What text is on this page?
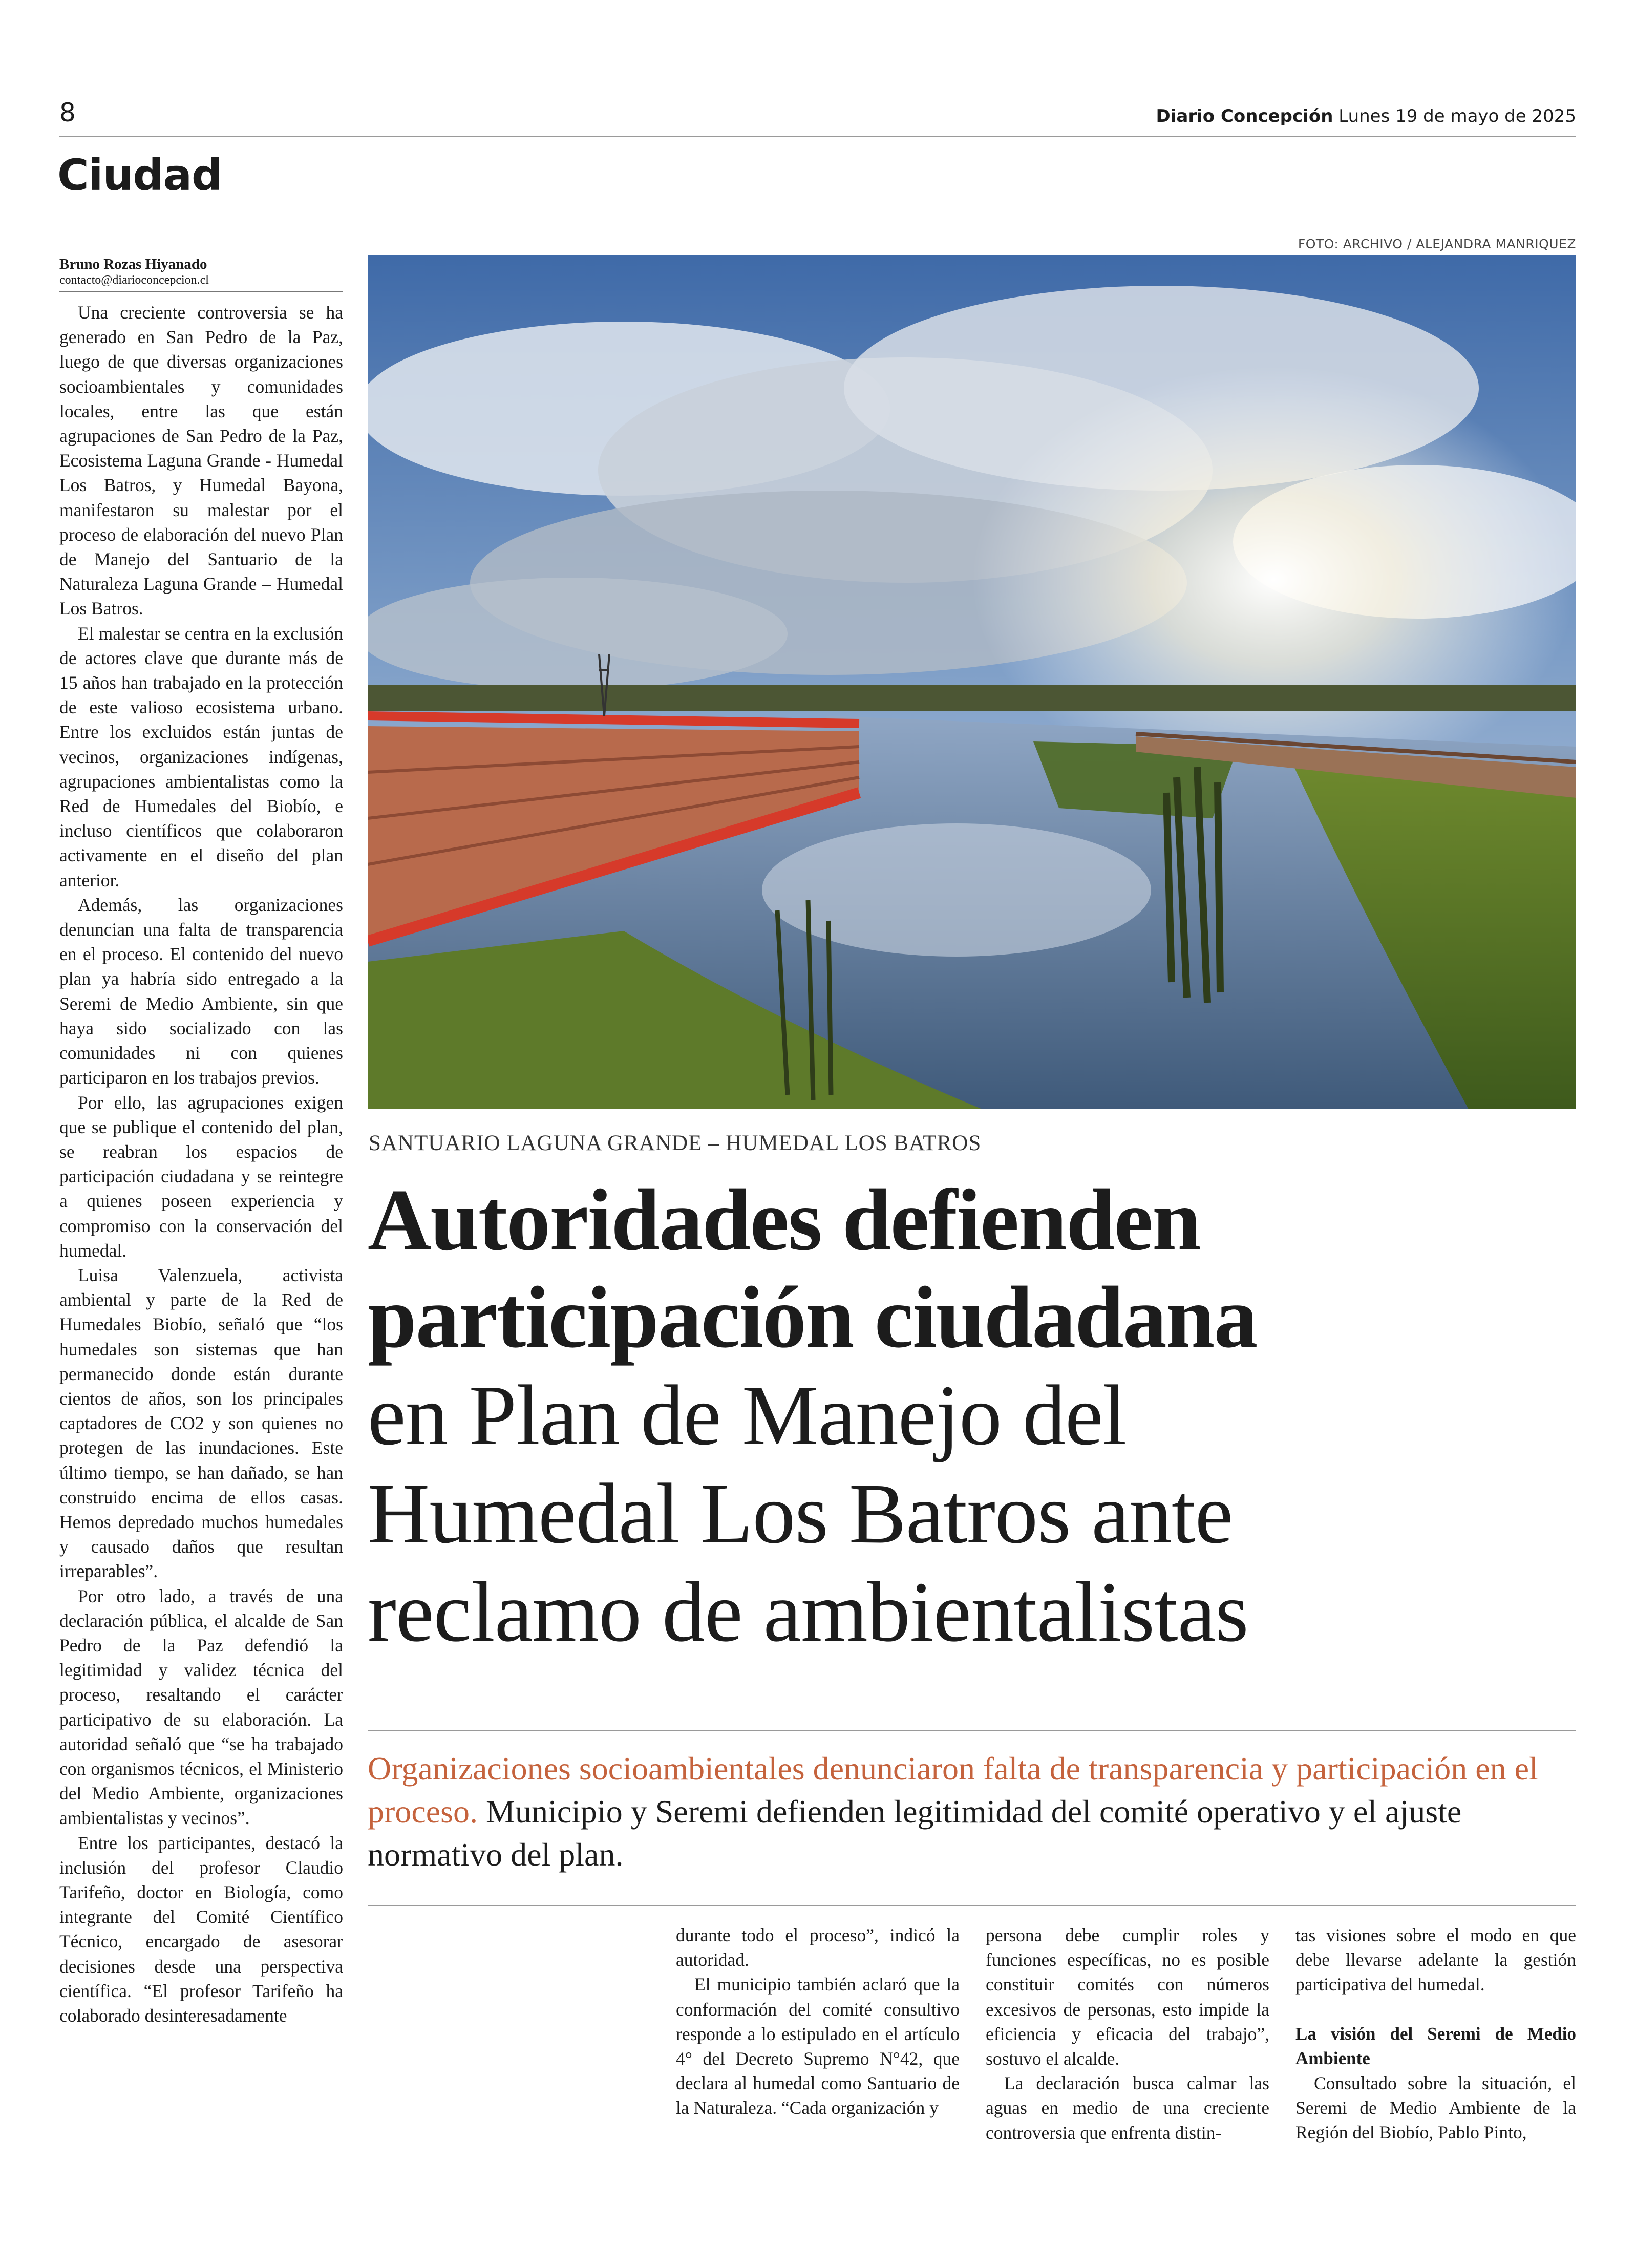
8	Diario Concepción Lunes 19 de mayo de 2025
Ciudad
FOTO: ARCHIVO / ALEJANDRA MANRIQUEZ
Bruno Rozas Hiyanado
contacto@diarioconcepcion.cl

Una creciente controversia se ha generado en San Pedro de la Paz, luego de que diversas organizaciones socioambientales y comunidades locales, entre las que están agrupaciones de San Pedro de la Paz, Ecosistema Laguna Grande - Humedal Los Batros, y Humedal Bayona, manifestaron su malestar por el proceso de elaboración del nuevo Plan de Manejo del Santuario de la Naturaleza Laguna Grande – Humedal Los Batros.

El malestar se centra en la exclusión de actores clave que durante más de 15 años han trabajado en la protección de este valioso ecosistema urbano. Entre los excluidos están juntas de vecinos, organizaciones indígenas, agrupaciones ambientalistas como la Red de Humedales del Biobío, e incluso científicos que colaboraron activamente en el diseño del plan anterior.

Además, las organizaciones denuncian una falta de transparencia en el proceso. El contenido del nuevo plan ya habría sido entregado a la Seremi de Medio Ambiente, sin que haya sido socializado con las comunidades ni con quienes participaron en los trabajos previos.

Por ello, las agrupaciones exigen que se publique el contenido del plan, se reabran los espacios de participación ciudadana y se reintegre a quienes poseen experiencia y compromiso con la conservación del humedal.

Luisa Valenzuela, activista ambiental y parte de la Red de Humedales Biobío, señaló que “los humedales son sistemas que han permanecido donde están durante cientos de años, son los principales captadores de CO2 y son quienes no protegen de las inundaciones. Este último tiempo, se han dañado, se han construido encima de ellos casas. Hemos depredado muchos humedales y causado daños que resultan irreparables”.

Por otro lado, a través de una declaración pública, el alcalde de San Pedro de la Paz defendió la legitimidad y validez técnica del proceso, resaltando el carácter participativo de su elaboración. La autoridad señaló que “se ha trabajado con organismos técnicos, el Ministerio del Medio Ambiente, organizaciones ambientalistas y vecinos”.

Entre los participantes, destacó la inclusión del profesor Claudio Tarifeño, doctor en Biología, como integrante del Comité Científico Técnico, encargado de asesorar decisiones desde una perspectiva científica. “El profesor Tarifeño ha colaborado desinteresadamente

SANTUARIO LAGUNA GRANDE – HUMEDAL LOS BATROS
Autoridades defienden
participación ciudadana
en Plan de Manejo del
Humedal Los Batros ante
reclamo de ambientalistas
Organizaciones socioambientales denunciaron falta de transparencia y participación en el proceso. Municipio y Seremi defienden legitimidad del comité operativo y el ajuste normativo del plan.

durante todo el proceso”, indicó la autoridad.

El municipio también aclaró que la conformación del comité consultivo responde a lo estipulado en el artículo 4° del Decreto Supremo N°42, que declara al humedal como Santuario de la Naturaleza. “Cada organización y

persona debe cumplir roles y funciones específicas, no es posible constituir comités con números excesivos de personas, esto impide la eficiencia y eficacia del trabajo”, sostuvo el alcalde.

La declaración busca calmar las aguas en medio de una creciente controversia que enfrenta distin-

tas visiones sobre el modo en que debe llevarse adelante la gestión participativa del humedal.

La visión del Seremi de Medio Ambiente

Consultado sobre la situación, el Seremi de Medio Ambiente de la Región del Biobío, Pablo Pinto,
